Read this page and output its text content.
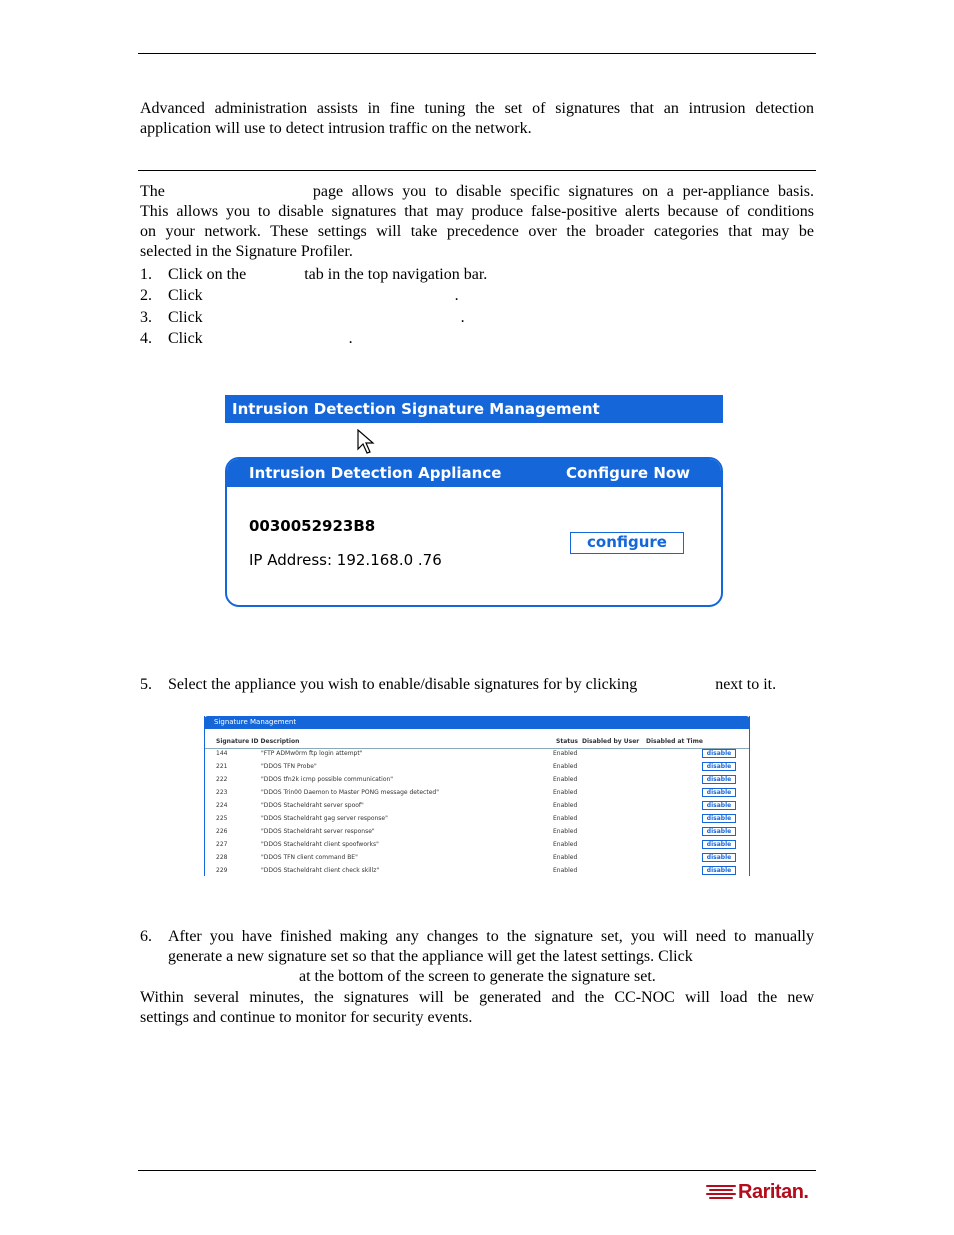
Advanced administration assists in fine tuning the set of signatures that an intrusion detection
application will use to detect intrusion traffic on the network.
The	page allows you to disable specific signatures on a per-appliance basis.
This allows you to disable signatures that may produce false-positive alerts because of conditions
on your network. These settings will take precedence over the broader categories that may be
selected in the Signature Profiler.
1. Click on the	tab in the top navigation bar.
2. Click	.
3. Click	.
4. Click	.
Intrusion Detection Signature Management
Intrusion Detection Appliance	Configure Now
0030052923B8
IP Address: 192.168.0 .76
configure
5. Select the appliance you wish to enable/disable signatures for by clicking	next to it.
Signature Management
Signature ID Description	Status Disabled by User Disabled at Time
144	"FTP ADMw0rm ftp login attempt"	Enabled	disable
221	"DDOS TFN Probe"	Enabled	disable
222	"DDOS tfn2k icmp possible communication"	Enabled	disable
223	"DDOS Trin00 Daemon to Master PONG message detected"	Enabled	disable
224	"DDOS Stacheldraht server spoof"	Enabled	disable
225	"DDOS Stacheldraht gag server response"	Enabled	disable
226	"DDOS Stacheldraht server response"	Enabled	disable
227	"DDOS Stacheldraht client spoofworks"	Enabled	disable
228	"DDOS TFN client command BE"	Enabled	disable
229	"DDOS Stacheldraht client check skillz"	Enabled	disable
6. After you have finished making any changes to the signature set, you will need to manually
generate a new signature set so that the appliance will get the latest settings. Click
at the bottom of the screen to generate the signature set.
Within several minutes, the signatures will be generated and the CC-NOC will load the new
settings and continue to monitor for security events.
Raritan.
